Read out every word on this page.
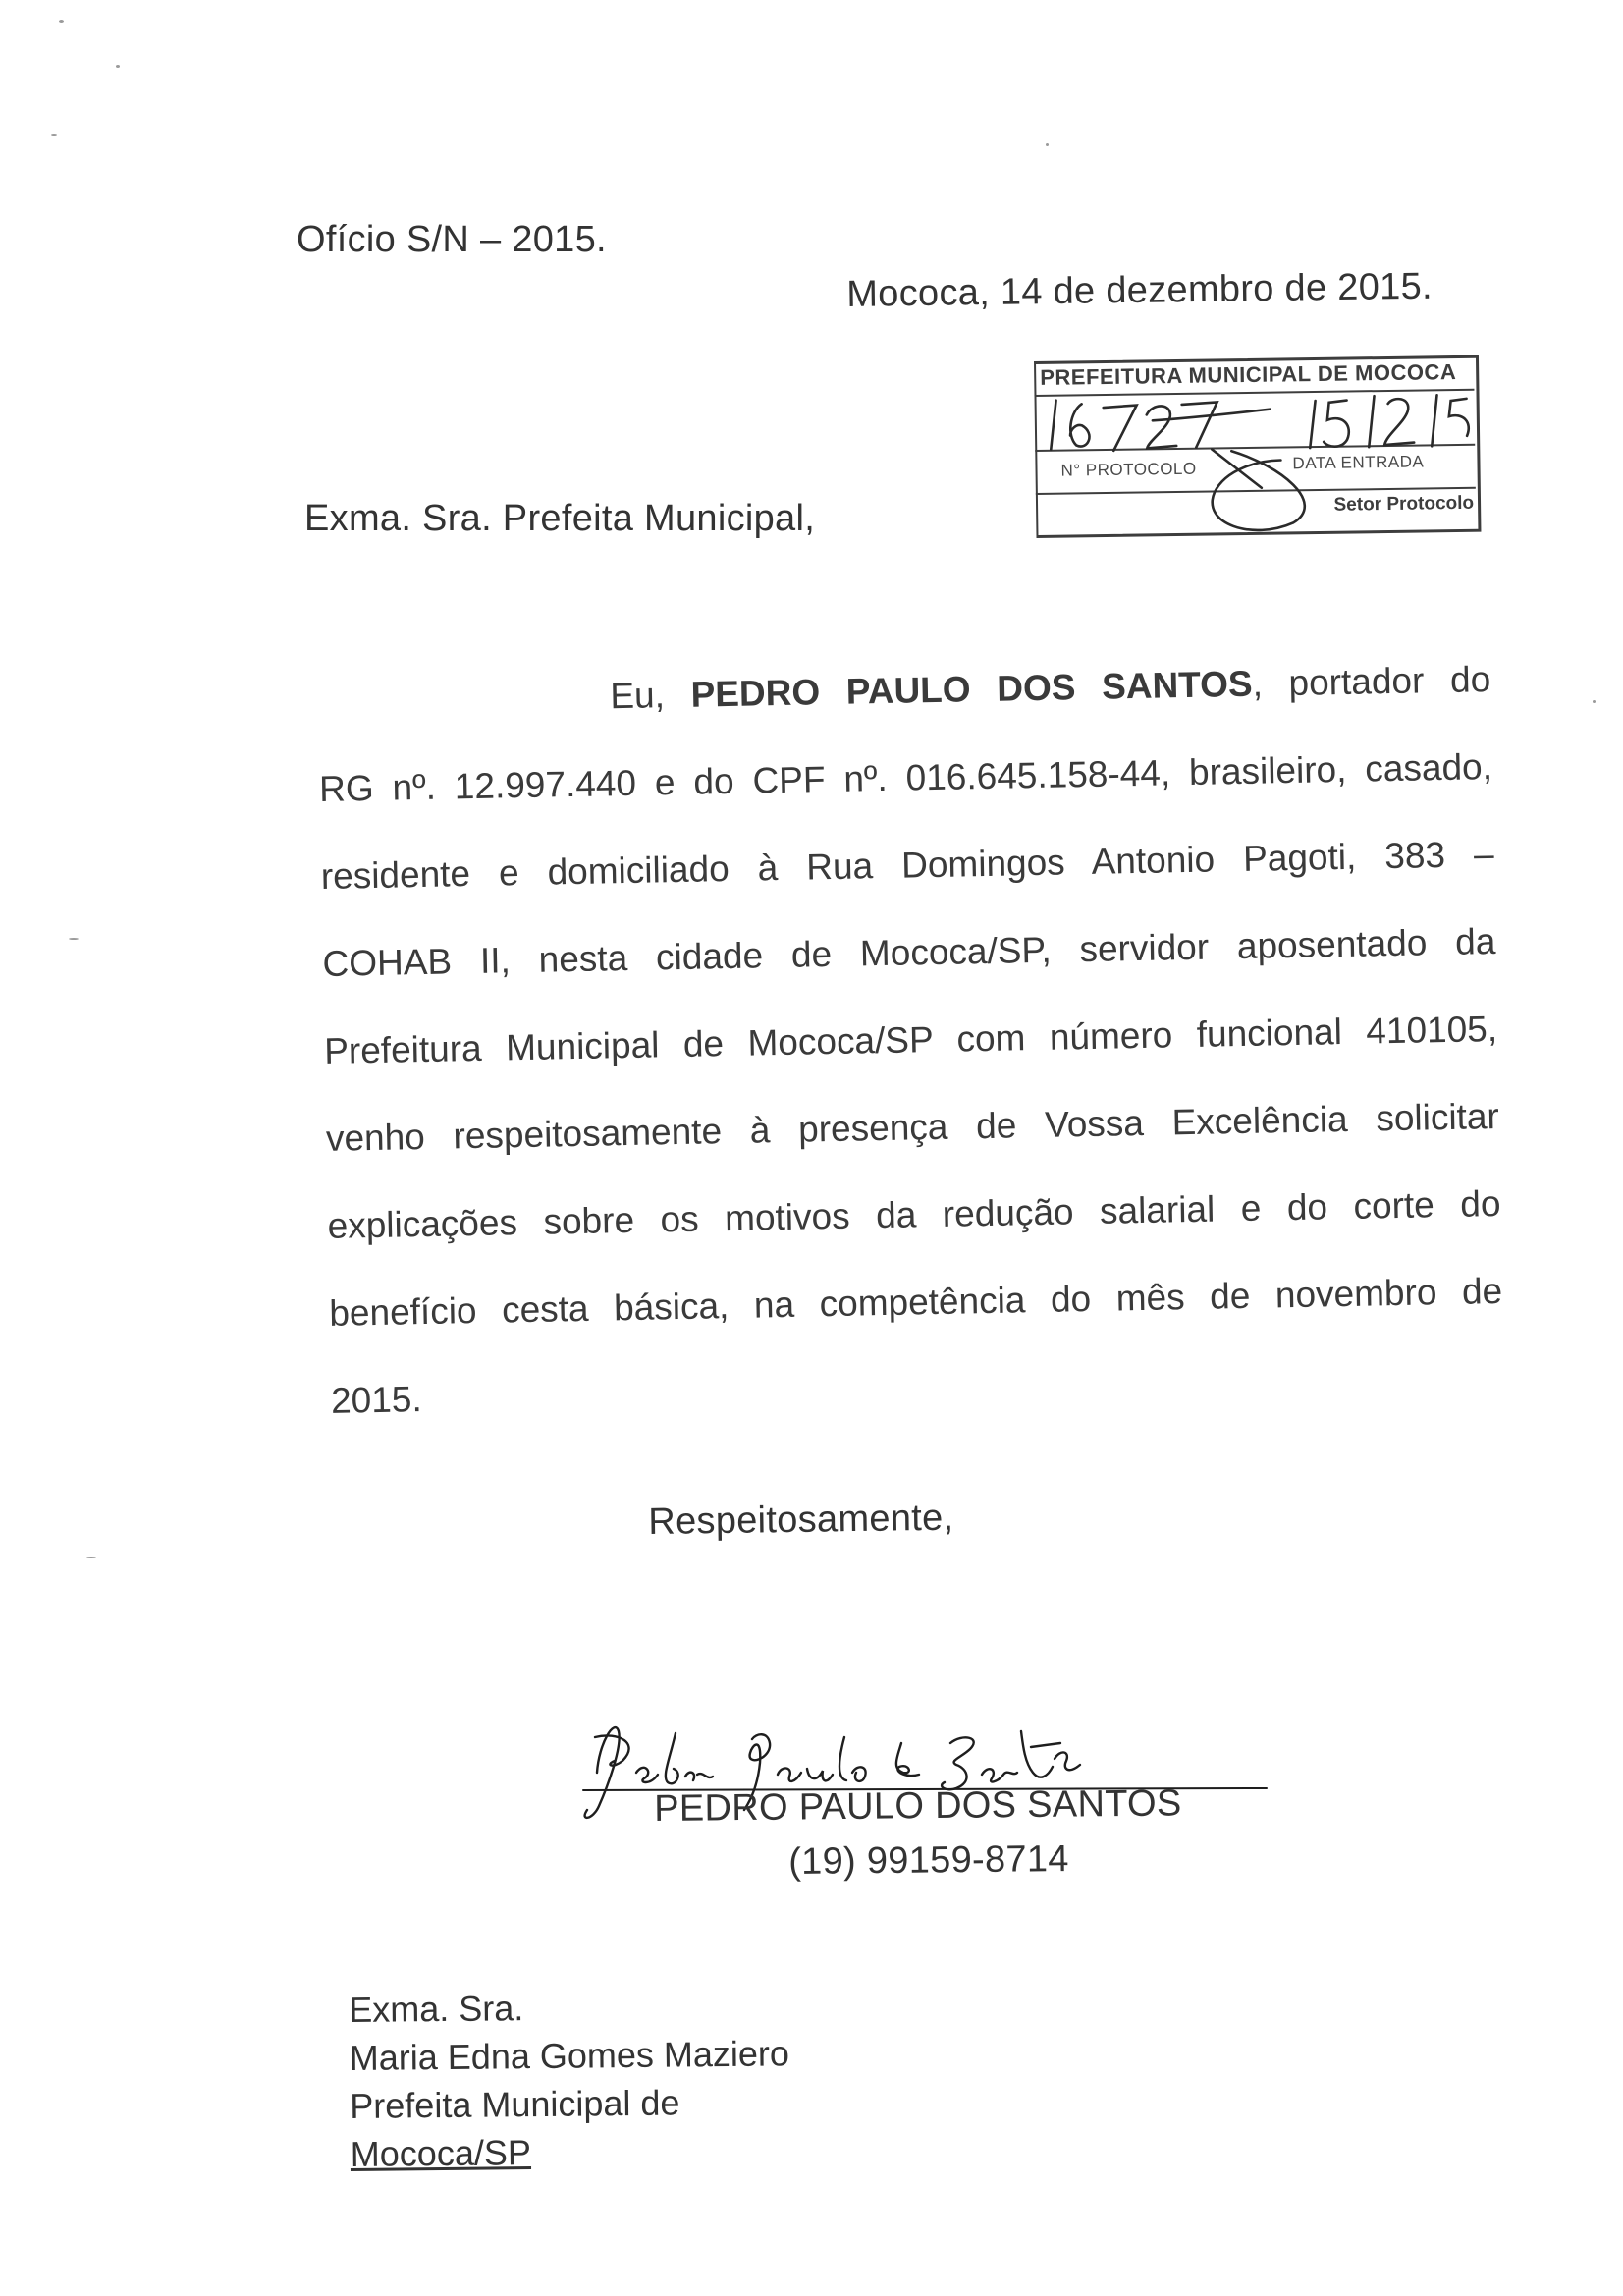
Ofício S/N – 2015.
Mococa, 14 de dezembro de 2015.
PREFEITURA MUNICIPAL DE MOCOCA
N° PROTOCOLO	DATA ENTRADA
Setor Protocolo
Exma. Sra. Prefeita Municipal,
Eu, PEDRO PAULO DOS SANTOS, portador do
RG nº. 12.997.440 e do CPF nº. 016.645.158-44, brasileiro, casado,
residente e domiciliado à Rua Domingos Antonio Pagoti, 383 –
COHAB II, nesta cidade de Mococa/SP, servidor aposentado da
Prefeitura Municipal de Mococa/SP com número funcional 410105,
venho respeitosamente à presença de Vossa Excelência solicitar
explicações sobre os motivos da redução salarial e do corte do
benefício cesta básica, na competência do mês de novembro de
2015.
Respeitosamente,
PEDRO PAULO DOS SANTOS
(19) 99159-8714
Exma. Sra.
Maria Edna Gomes Maziero
Prefeita Municipal de
Mococa/SP
